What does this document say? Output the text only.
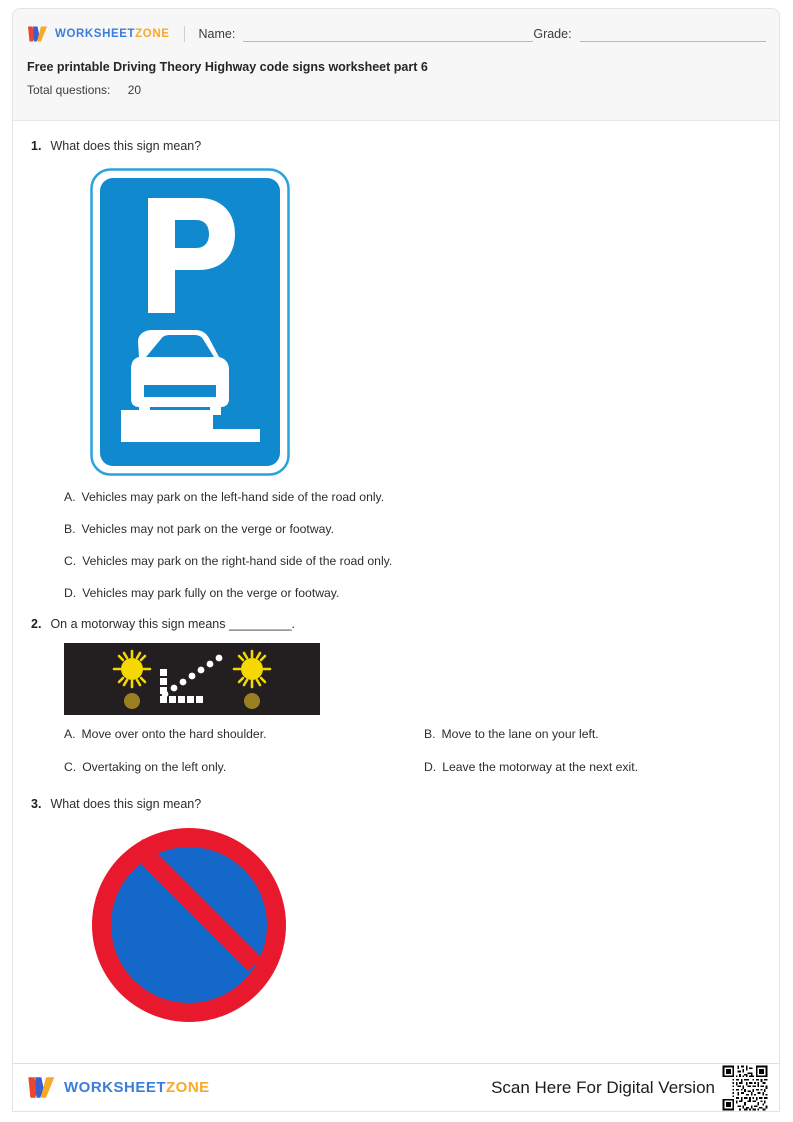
WORKSHEETZONE Name:	Grade:
Free printable Driving Theory Highway code signs worksheet part 6
Total questions: 20
1. What does this sign mean?
A. Vehicles may park on the left-hand side of the road only.
B. Vehicles may not park on the verge or footway.
C. Vehicles may park on the right-hand side of the road only.
D. Vehicles may park fully on the verge or footway.
2. On a motorway this sign means _________.
A. Move over onto the hard shoulder.	B. Move to the lane on your left.
C. Overtaking on the left only.	D. Leave the motorway at the next exit.
3. What does this sign mean?
WORKSHEETZONE	Scan Here For Digital Version
